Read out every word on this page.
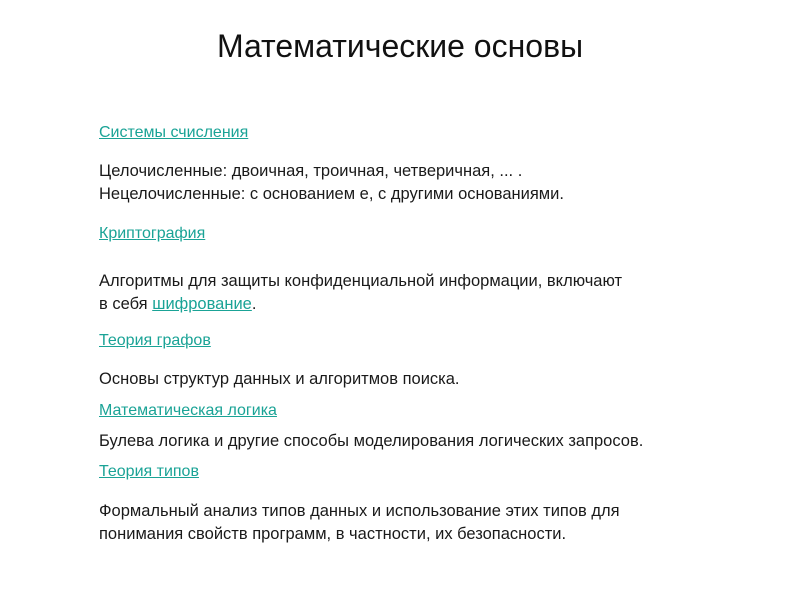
Математические основы
Системы счисления
Целочисленные: двоичная, троичная, четверичная, ... .
Нецелочисленные: с основанием e, с другими основаниями.
Криптография
Алгоритмы для защиты конфиденциальной информации, включают
в себя шифрование.
Теория графов
Основы структур данных и алгоритмов поиска.
Математическая логика
Булева логика и другие способы моделирования логических запросов.
Теория типов
Формальный анализ типов данных и использование этих типов для
понимания свойств программ, в частности, их безопасности.
